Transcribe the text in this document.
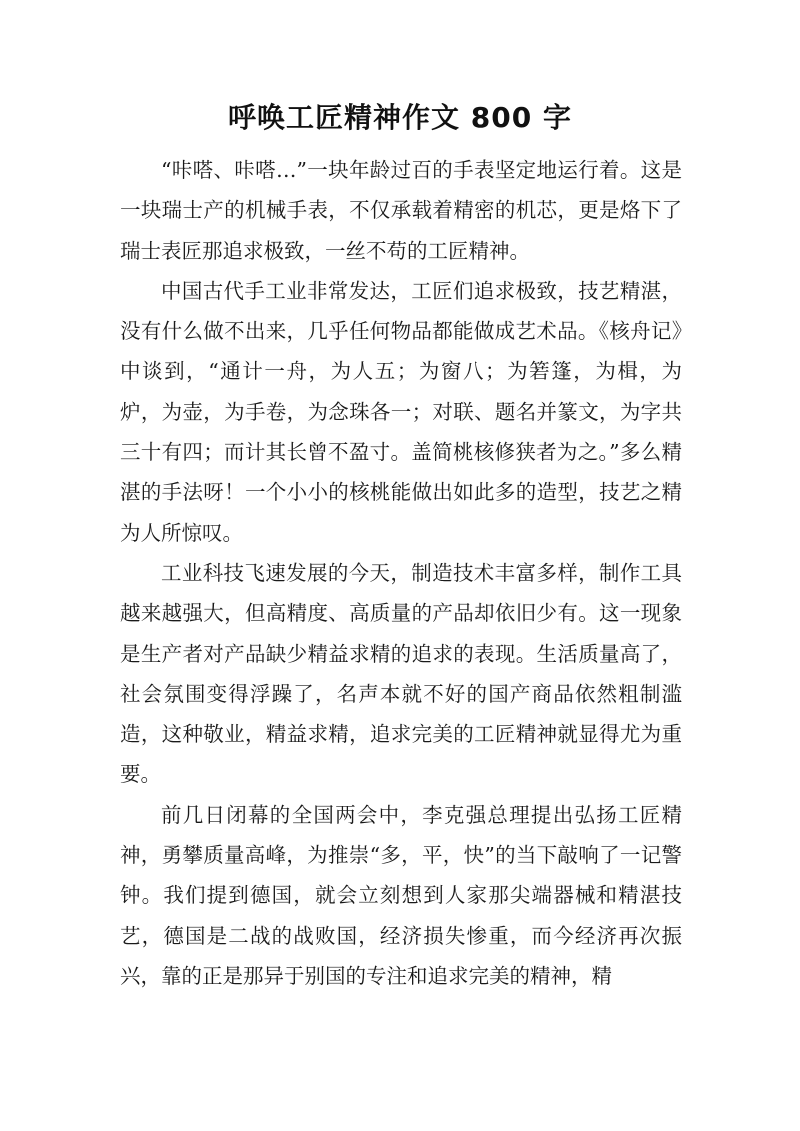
呼唤工匠精神作文 800 字

“咔嗒、咔嗒…”一块年龄过百的手表坚定地运行着。这是一块瑞士产的机械手表，不仅承载着精密的机芯，更是烙下了瑞士表匠那追求极致，一丝不苟的工匠精神。

中国古代手工业非常发达，工匠们追求极致，技艺精湛，没有什么做不出来，几乎任何物品都能做成艺术品。《核舟记》中谈到，“通计一舟，为人五；为窗八；为箬篷，为楫，为炉，为壶，为手卷，为念珠各一；对联、题名并篆文，为字共三十有四；而计其长曾不盈寸。盖简桃核修狭者为之。”多么精湛的手法呀！一个小小的核桃能做出如此多的造型，技艺之精为人所惊叹。

工业科技飞速发展的今天，制造技术丰富多样，制作工具越来越强大，但高精度、高质量的产品却依旧少有。这一现象是生产者对产品缺少精益求精的追求的表现。生活质量高了，社会氛围变得浮躁了，名声本就不好的国产商品依然粗制滥造，这种敬业，精益求精，追求完美的工匠精神就显得尤为重要。

前几日闭幕的全国两会中，李克强总理提出弘扬工匠精神，勇攀质量高峰，为推崇“多，平，快”的当下敲响了一记警钟。我们提到德国，就会立刻想到人家那尖端器械和精湛技艺，德国是二战的战败国，经济损失惨重，而今经济再次振兴，靠的正是那异于别国的专注和追求完美的精神，精
